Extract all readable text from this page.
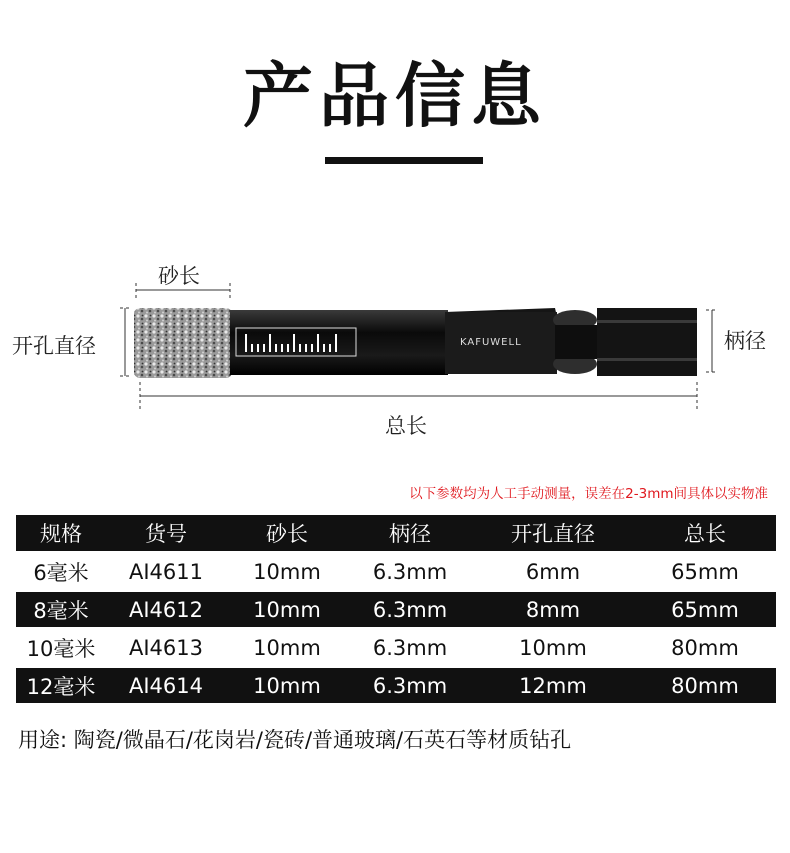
产品信息
砂长
开孔直径	柄径
总长
KAFUWELL
以下参数均为人工手动测量，误差在2-3mm间具体以实物准
规格	货号	砂长	柄径	开孔直径	总长
6毫米	AI4611	10mm	6.3mm	6mm	65mm
8毫米	AI4612	10mm	6.3mm	8mm	65mm
10毫米	AI4613	10mm	6.3mm	10mm	80mm
12毫米	AI4614	10mm	6.3mm	12mm	80mm
用途: 陶瓷/微晶石/花岗岩/瓷砖/普通玻璃/石英石等材质钻孔
